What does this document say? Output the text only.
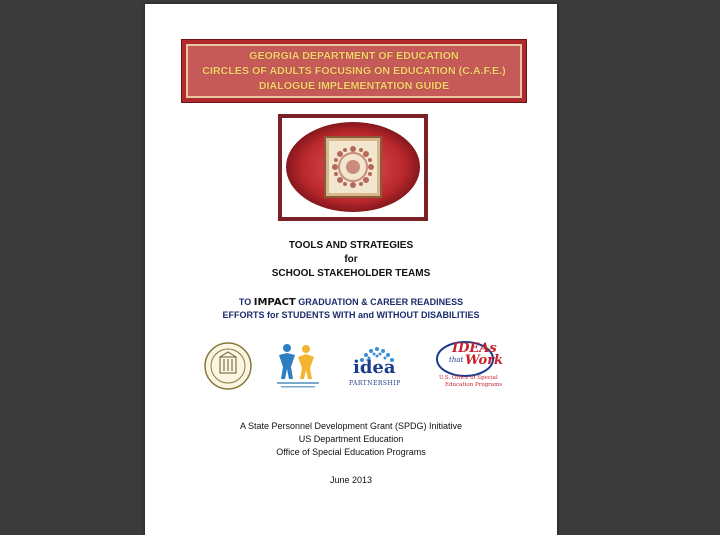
GEORGIA DEPARTMENT OF EDUCATION
CIRCLES OF ADULTS FOCUSING ON EDUCATION (C.A.F.E.)
DIALOGUE IMPLEMENTATION GUIDE
TOOLS AND STRATEGIES
for
SCHOOL STAKEHOLDER TEAMS
TO IMPACT GRADUATION & CAREER READINESS
EFFORTS for STUDENTS WITH and WITHOUT DISABILITIES
idea
PARTNERSHIP
IDEAs
that Work
U.S. Office of Special
Education Programs
A State Personnel Development Grant (SPDG) Initiative
US Department Education
Office of Special Education Programs
June 2013
